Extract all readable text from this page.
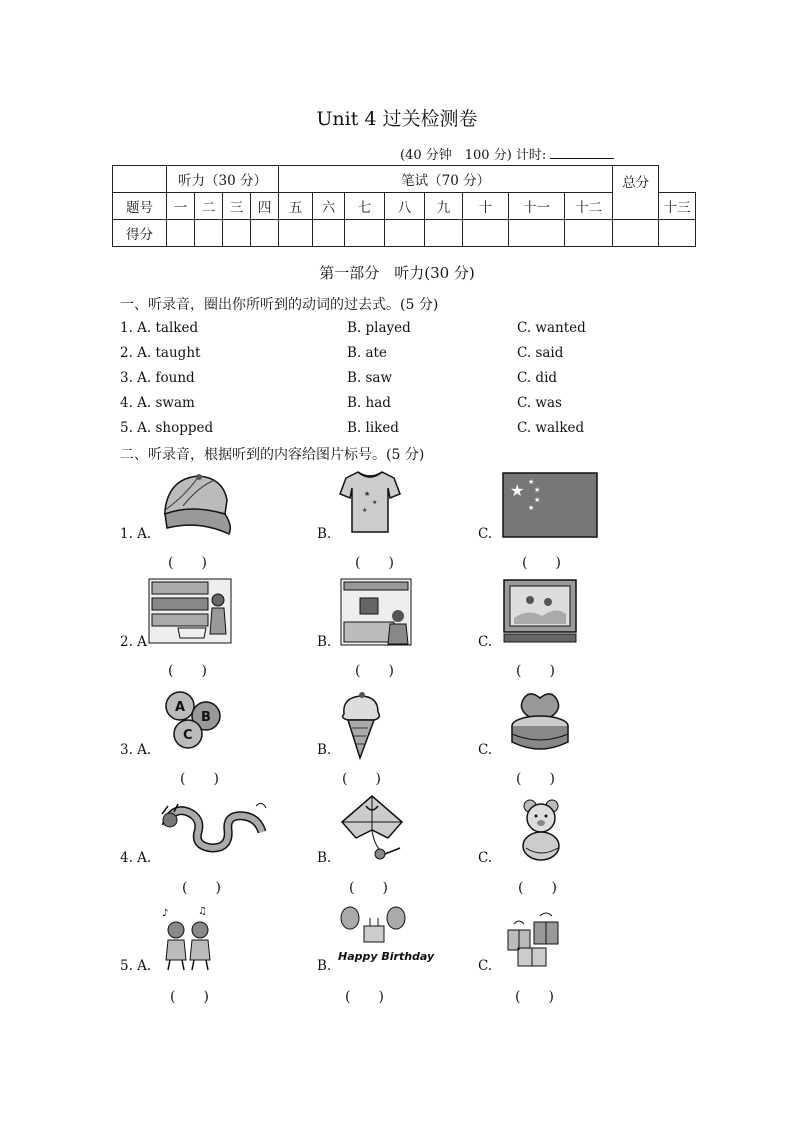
Unit 4 过关检测卷
(40 分钟　100 分) 计时:
	听力（30 分）				笔试（70 分）								总分	
题号	一	二	三	四	五	六	七	八	九	十	十一	十二		十三
得分														
第一部分　听力(30 分)
一、听录音，圈出你所听到的动词的过去式。(5 分)
1. A. talked	B. played	C. wanted
2. A. taught	B. ate	C. said
3. A. found	B. saw	C. did
4. A. swam	B. had	C. was
5. A. shopped	B. liked	C. walked
二、听录音，根据听到的内容给图片标号。(5 分)
1. A.	B.	C.
★
★
★
★ ★
★
★
★
(　　)	(　　)	(　　)
2. A	B.	C.
(　　)	(　　)	(　　)
3. A.	B.	C.
A
B
C
(　　)	(　　)	(　　)
4. A.	B.	C.
(　　)	(　　)	(　　)
5. A.	B.	C.
♪	♫
Happy Birthday
(　　)	(　　)	(　　)
